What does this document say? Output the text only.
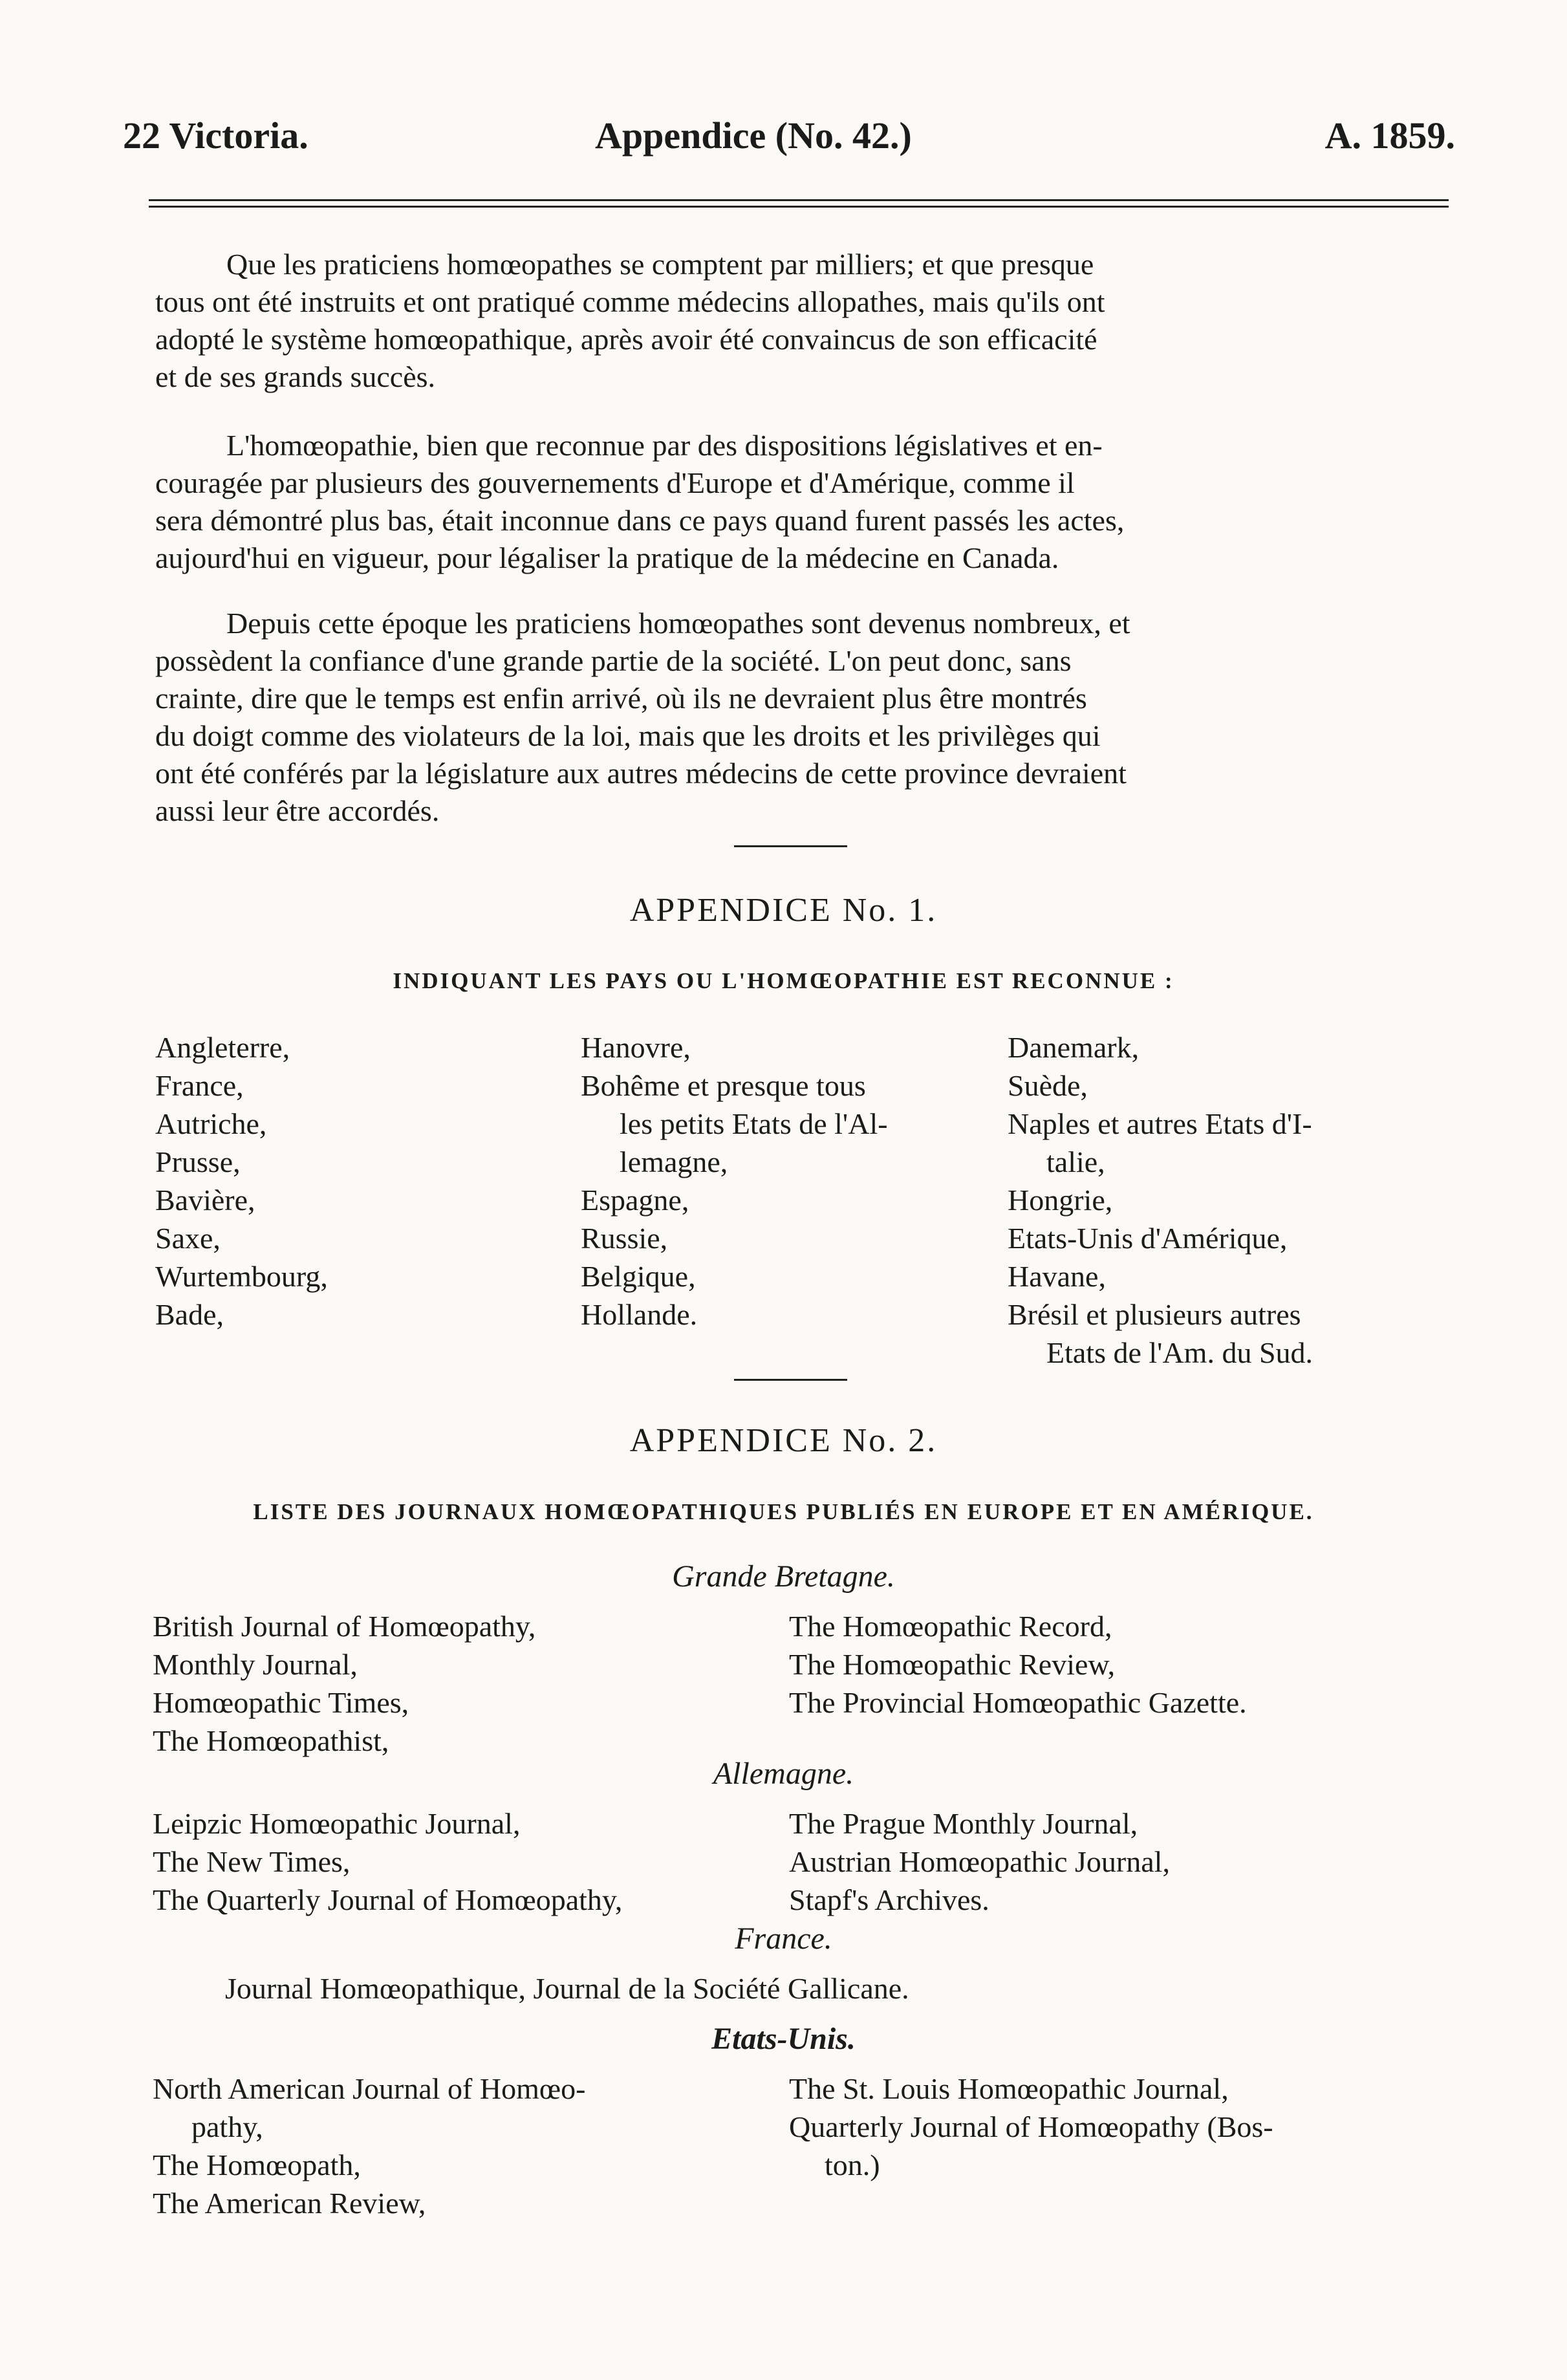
22 Victoria.	Appendice (No. 42.)	A. 1859.
Que les praticiens homœopathes se comptent par milliers; et que presque
tous ont été instruits et ont pratiqué comme médecins allopathes, mais qu'ils ont
adopté le système homœopathique, après avoir été convaincus de son efficacité
et de ses grands succès.
L'homœopathie, bien que reconnue par des dispositions législatives et en-
couragée par plusieurs des gouvernements d'Europe et d'Amérique, comme il
sera démontré plus bas, était inconnue dans ce pays quand furent passés les actes,
aujourd'hui en vigueur, pour légaliser la pratique de la médecine en Canada.
Depuis cette époque les praticiens homœopathes sont devenus nombreux, et
possèdent la confiance d'une grande partie de la société. L'on peut donc, sans
crainte, dire que le temps est enfin arrivé, où ils ne devraient plus être montrés
du doigt comme des violateurs de la loi, mais que les droits et les privilèges qui
ont été conférés par la législature aux autres médecins de cette province devraient
aussi leur être accordés.
APPENDICE No. 1.
INDIQUANT LES PAYS OU L'HOMŒOPATHIE EST RECONNUE :
Angleterre,
France,
Autriche,
Prusse,
Bavière,
Saxe,
Wurtembourg,
Bade,
Hanovre,
Bohême et presque tous
les petits Etats de l'Al-
lemagne,
Espagne,
Russie,
Belgique,
Hollande.
Danemark,
Suède,
Naples et autres Etats d'I-
talie,
Hongrie,
Etats-Unis d'Amérique,
Havane,
Brésil et plusieurs autres
Etats de l'Am. du Sud.
APPENDICE No. 2.
LISTE DES JOURNAUX HOMŒOPATHIQUES PUBLIÉS EN EUROPE ET EN AMÉRIQUE.
Grande Bretagne.
British Journal of Homœopathy,
Monthly Journal,
Homœopathic Times,
The Homœopathist,
The Homœopathic Record,
The Homœopathic Review,
The Provincial Homœopathic Gazette.
Allemagne.
Leipzic Homœopathic Journal,
The New Times,
The Quarterly Journal of Homœopathy,
The Prague Monthly Journal,
Austrian Homœopathic Journal,
Stapf's Archives.
France.
Journal Homœopathique, Journal de la Société Gallicane.
Etats-Unis.
North American Journal of Homœo-
pathy,
The Homœopath,
The American Review,
The St. Louis Homœopathic Journal,
Quarterly Journal of Homœopathy (Bos-
ton.)
